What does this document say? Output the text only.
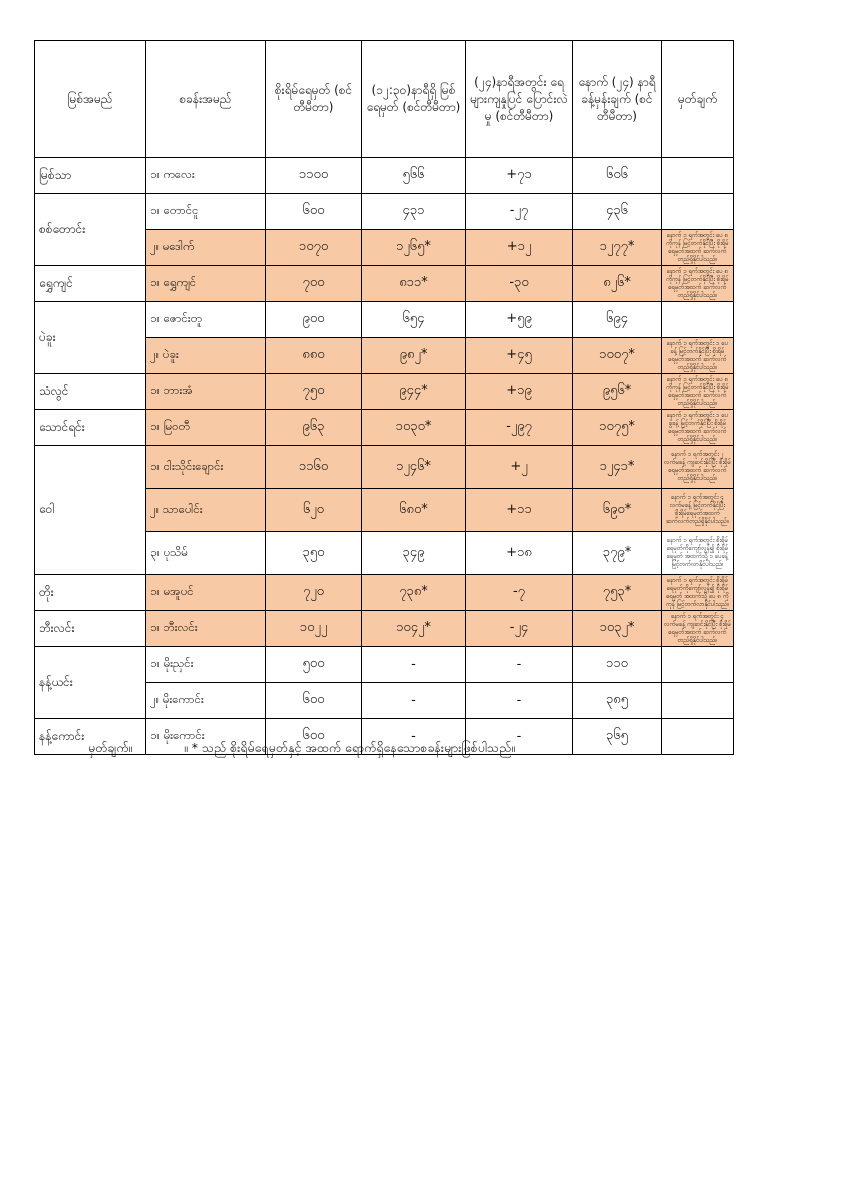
မြစ်အမည်	စခန်းအမည်	စိုးရိမ်ရေမှတ် (စင်တီမီတာ)	(၁၂:၃၀)နာရီရှိ မြစ်ရေမှတ် (စင်တီမီတာ)	(၂၄)နာရီအတွင်း ရေများကျနှုပြင် ပြောင်းလဲမှု (စင်တီမီတာ)	နောက် (၂၄) နာရီ ခန့်မှန်းချက် (စင်တီမီတာ)	မှတ်ချက်
မြစ်သာ	၁။ ကလေး	၁၁၀၀	၅၆၆	+၇၁	၆၀၆	
စစ်တောင်း	၁။ တောင်ငူ	၆၀၀	၄၃၁	-၂၇	၄၃၆	
	၂။ မဒေါက်	၁၀၇၀	၁၂၆၅*	+၁၂	၁၂၇၇*	နောက် ၁ ရက်အတွင်း ပေ ၈ ကိုကုန် မြင့်တက်နိုင်ပြီး စိုးရိမ်ရေမှတ်အထက် ဆက်လက်တည်ရှိနိုင်ပါသည်။
ရွှေကျင်	၁။ ရွှေကျင်	၇၀၀	၈၁၁*	-၃၀	၈၂၆*	နောက် ၁ ရက်အတွင်း ပေ ၈ ကိုကုန် မြင့်တက်နိုင်ပြီး စိုးရိမ်ရေမှတ်အထက် ဆက်လက်တည်ရှိနိုင်ပါသည်။
ပဲခူး	၁။ ဇောင်းတူ	၉၀၀	၆၅၄	+၅၉	၆၉၄	
	၂။ ပဲခူး	၈၈၀	၉၈၂*	+၄၅	၁၀၀၇*	နောက် ၁ ရက်အတွင်း ၁ ပေခန့် မြင့်တက်နိုင်ပြီး စိုးရိမ်ရေမှတ်အထက် ဆက်လက်တည်ရှိနိုင်ပါသည်။
သံလွင်	၁။ ဘားအံ	၇၅၀	၉၄၄*	+၁၉	၉၅၆*	နောက် ၁ ရက်အတွင်း ပေ ၈ ကိုကုန် မြင့်တက်နိုင်ပြီး စိုးရိမ်ရေမှတ်အထက် ဆက်လက်တည်ရှိနိုင်ပါသည်။
သောင်ရင်း	၁။ မြဝတီ	၉၆၃	၁၀၃၀*	-၂၉၇	၁၀၇၅*	နောက် ၁ ရက်အတွင်း ၁ ပေခွဲခန့် မြင့်တက်နိုင်ပြီး စိုးရိမ်ရေမှတ်အထက် ဆက်လက်တည်ရှိနိုင်ပါသည်။
ဝေါ	၁။ ငါးသိုင်းချောင်း	၁၁၆၀	၁၂၄၆*	+၂	၁၂၄၁*	နောက် ၁ ရက်အတွင်း ၂ လက်မခန့် ကျဆင်းနိုင်ပြီး စိုးရိမ်ရေမှတ်အထက် ဆက်လက်တည်ရှိနိုင်ပါသည်။
	၂။ သာပေါင်း	၆၂၀	၆၈၀*	+၁၁	၆၉၀*	နောက် ၁ ရက်အတွင်း ၄ လက်မခန့် မြင့်တက်နိုင်ပြီး စိုးရိမ်ရေမှတ်အထက် ဆက်လက်တည်ရှိနိုင်ပါသည်။
	၃။ ပုသိမ်	၃၅၀	၃၄၉	+၁၈	၃၇၉*	နောက် ၁ ရက်အတွင်း စိုးရိမ်ရေမှတ်ကိုကျော်လွန်၍ စိုးရိမ်ရေမှတ် အထက်သို့ ၁ ပေခန့် မြင့်တက်လာနိုင်ပါသည်။
တိုး	၁။ မအူပင်	၇၂၀	၇၃၈*	-၇	၇၅၃*	နောက် ၁ ရက်အတွင်း စိုးရိမ်ရေမှတ်ကိုကျော်လွန်၍ စိုးရိမ်ရေမှတ် အထက်သို့ ပေ ၈ ကိုကုန် မြင့်တက်လာနိုင်ပါသည်။
ဘီးလင်း	၁။ ဘီးလင်း	၁၀၂၂	၁၀၄၂*	-၂၄	၁၀၃၂*	နောက် ၁ ရက်အတွင်း ၄ လက်မခန့် ကျဆင်းနိုင်ပြီး စိုးရိမ်ရေမှတ်အထက် ဆက်လက်တည်ရှိနိုင်ပါသည်။
နန့်ယင်း	၁။ မိုးညှင်း	၅၀၀	-	-	၁၁၀	
	၂။ မိုးကောင်း	၆၀၀	-	-	၃၈၅	
နန့်ကောင်း	၁။ မိုးကောင်း	၆၀၀	-	-	၃၆၅	
မှတ်ချက်။	။ * သည် စိုးရိမ်ရေမှတ်နှင့် အထက် ရောက်ရှိနေသောစခန်းများဖြစ်ပါသည်။
